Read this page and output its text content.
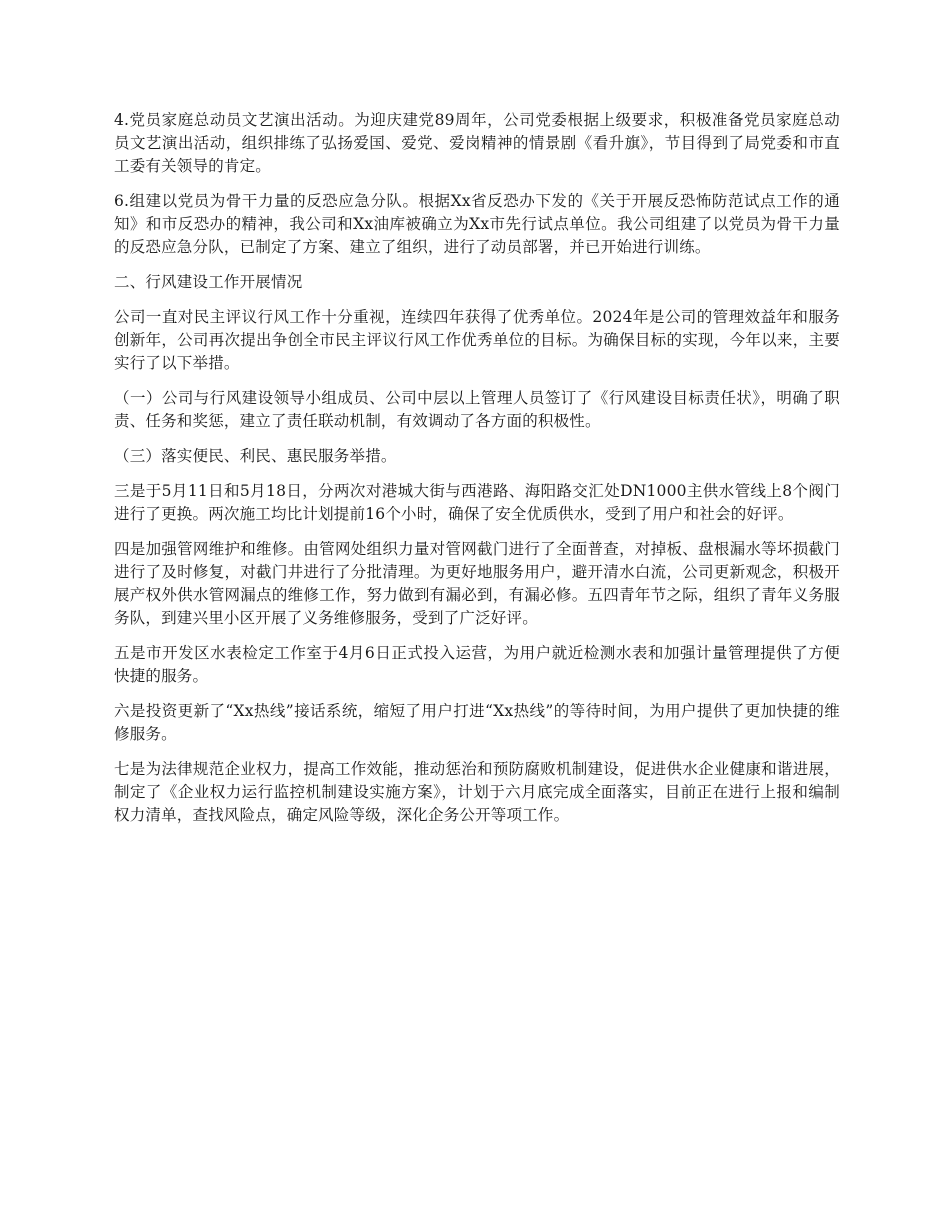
4.党员家庭总动员文艺演出活动。为迎庆建党89周年，公司党委根据上级要求，积极准备党员家庭总动员文艺演出活动，组织排练了弘扬爱国、爱党、爱岗精神的情景剧《看升旗》，节目得到了局党委和市直工委有关领导的肯定。

6.组建以党员为骨干力量的反恐应急分队。根据Xx省反恐办下发的《关于开展反恐怖防范试点工作的通知》和市反恐办的精神，我公司和Xx油库被确立为Xx市先行试点单位。我公司组建了以党员为骨干力量的反恐应急分队，已制定了方案、建立了组织，进行了动员部署，并已开始进行训练。

二、行风建设工作开展情况

公司一直对民主评议行风工作十分重视，连续四年获得了优秀单位。2024年是公司的管理效益年和服务创新年，公司再次提出争创全市民主评议行风工作优秀单位的目标。为确保目标的实现，今年以来，主要实行了以下举措。

（一）公司与行风建设领导小组成员、公司中层以上管理人员签订了《行风建设目标责任状》，明确了职责、任务和奖惩，建立了责任联动机制，有效调动了各方面的积极性。

（三）落实便民、利民、惠民服务举措。

三是于5月11日和5月18日，分两次对港城大街与西港路、海阳路交汇处DN1000主供水管线上8个阀门进行了更换。两次施工均比计划提前16个小时，确保了安全优质供水，受到了用户和社会的好评。

四是加强管网维护和维修。由管网处组织力量对管网截门进行了全面普查，对掉板、盘根漏水等坏损截门进行了及时修复，对截门井进行了分批清理。为更好地服务用户，避开清水白流，公司更新观念，积极开展产权外供水管网漏点的维修工作，努力做到有漏必到，有漏必修。五四青年节之际，组织了青年义务服务队，到建兴里小区开展了义务维修服务，受到了广泛好评。

五是市开发区水表检定工作室于4月6日正式投入运营，为用户就近检测水表和加强计量管理提供了方便快捷的服务。

六是投资更新了“Xx热线”接话系统，缩短了用户打进“Xx热线”的等待时间，为用户提供了更加快捷的维修服务。

七是为法律规范企业权力，提高工作效能，推动惩治和预防腐败机制建设，促进供水企业健康和谐进展，制定了《企业权力运行监控机制建设实施方案》，计划于六月底完成全面落实，目前正在进行上报和编制权力清单，查找风险点，确定风险等级，深化企务公开等项工作。
